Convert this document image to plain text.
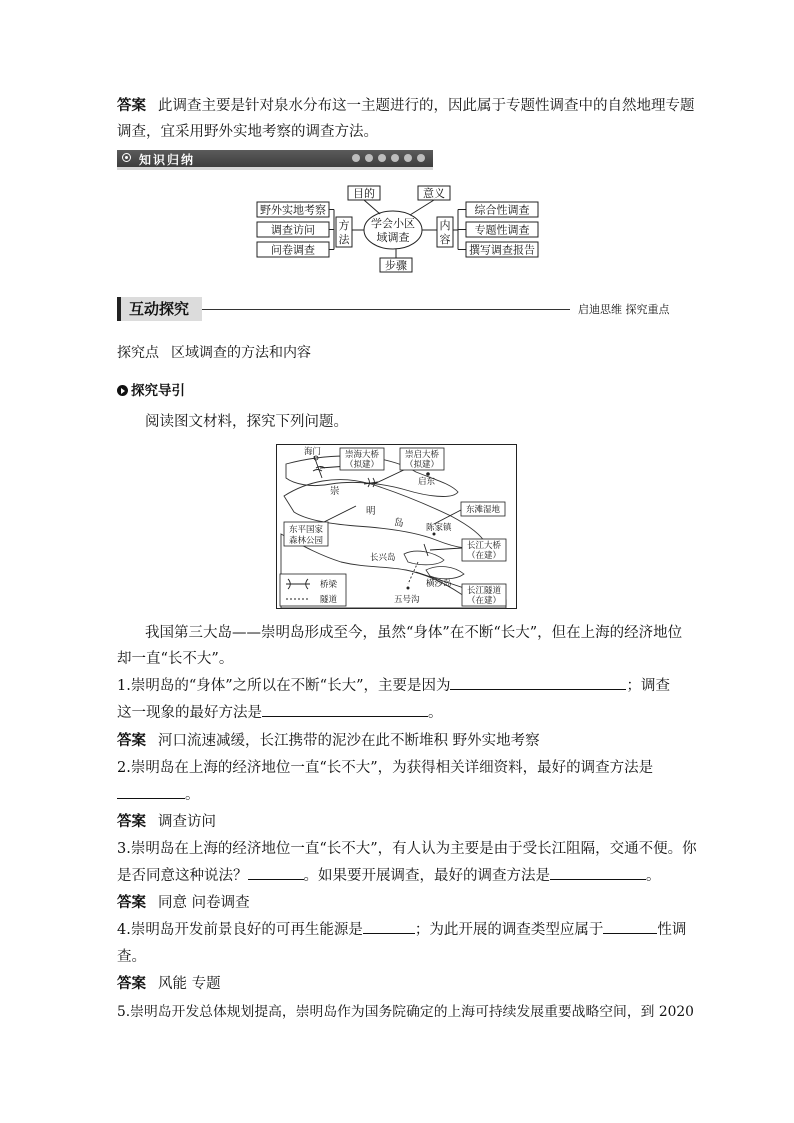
答案 此调查主要是针对泉水分布这一主题进行的，因此属于专题性调查中的自然地理专题
调查，宜采用野外实地考察的调查方法。
知识归纳
野外实地考察
调查访问
问卷调查
方
法
学会小区
域调查
目的	意义
步骤
内
容
综合性调查
专题性调查
撰写调查报告
互动探究	启迪思维 探究重点
探究点 区域调查的方法和内容
探究导引
阅读图文材料，探究下列问题。
海门	崇海大桥
（拟建）
崇启大桥
（拟建）
启东
崇
明
岛	陈家镇
东滩湿地
东平国家
森林公园	长江大桥
（在建）
长兴岛
横沙岛
长江隧道
（在建）
五号沟
桥梁
隧道
我国第三大岛——崇明岛形成至今，虽然“身体”在不断“长大”，但在上海的经济地位
却一直“长不大”。
1.崇明岛的“身体”之所以在不断“长大”，主要是因为	；调查
这一现象的最好方法是	。
答案 河口流速减缓，长江携带的泥沙在此不断堆积 野外实地考察
2.崇明岛在上海的经济地位一直“长不大”，为获得相关详细资料，最好的调查方法是
。
答案 调查访问
3.崇明岛在上海的经济地位一直“长不大”，有人认为主要是由于受长江阻隔，交通不便。你
是否同意这种说法？	。如果要开展调查，最好的调查方法是	。
答案 同意 问卷调查
4.崇明岛开发前景良好的可再生能源是	；为此开展的调查类型应属于	性调
查。
答案 风能 专题
5.崇明岛开发总体规划提高，崇明岛作为国务院确定的上海可持续发展重要战略空间，到 2020
